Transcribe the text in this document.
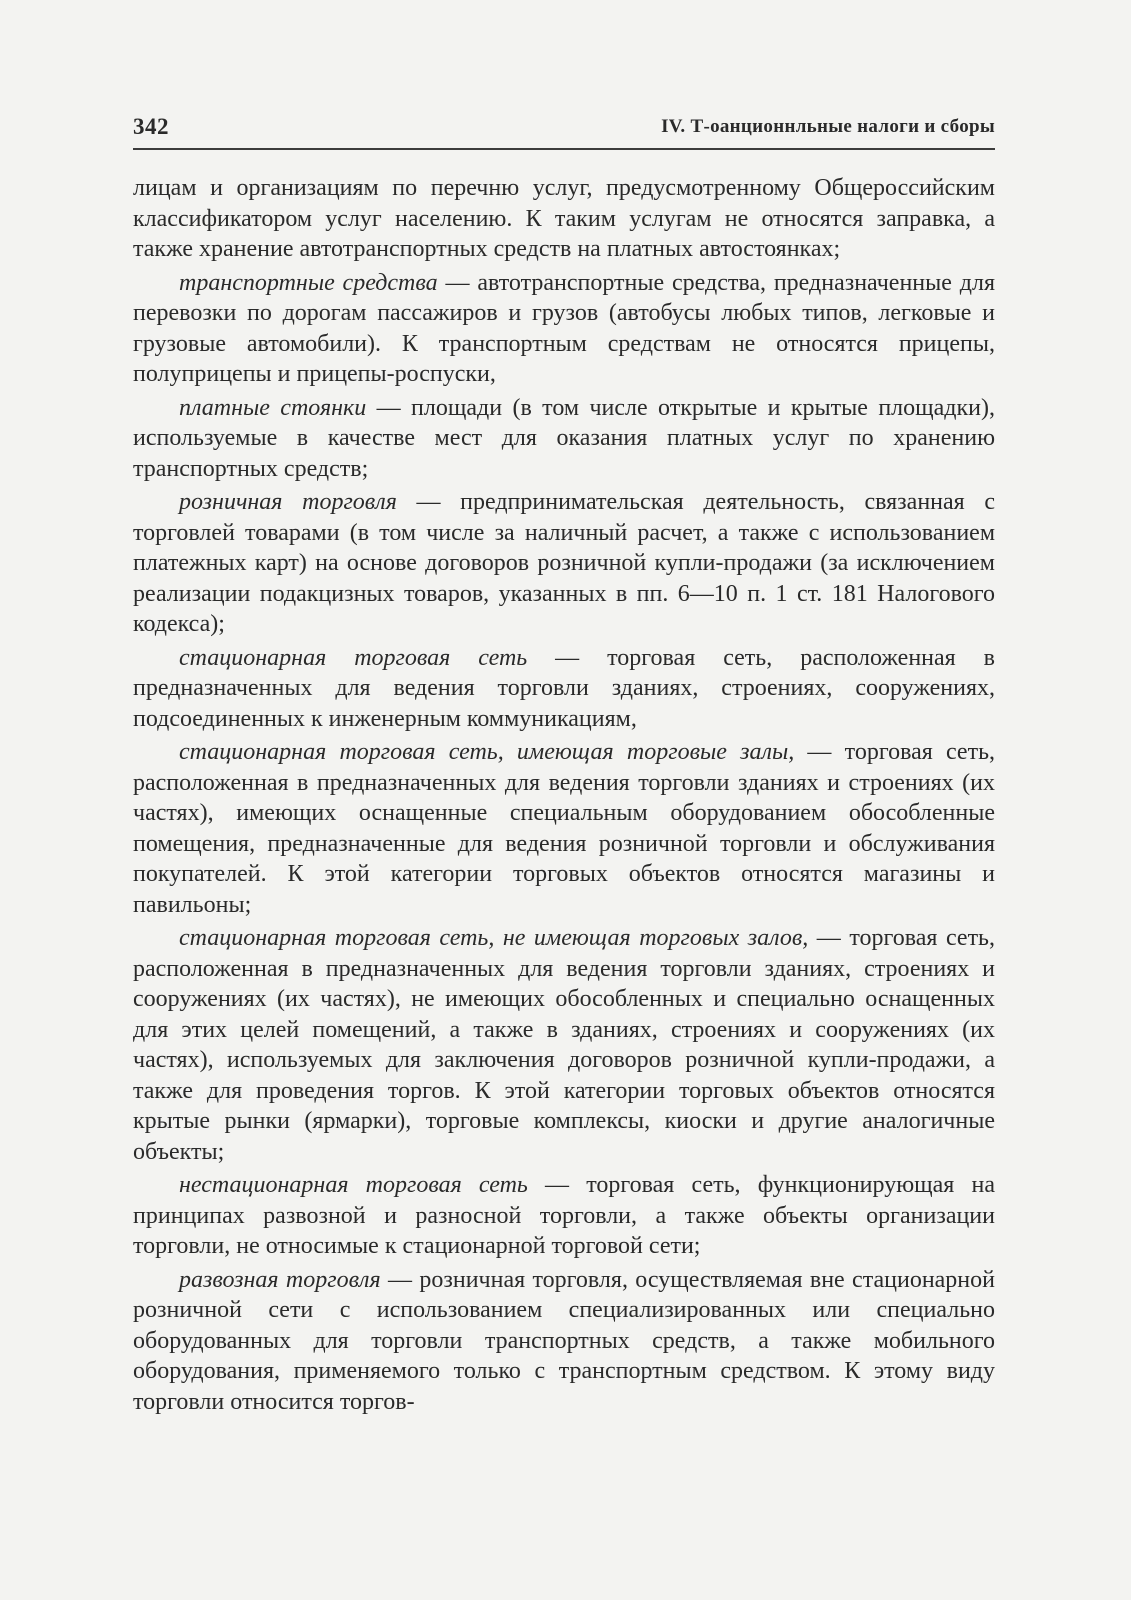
342	IV. Т-оанционнльные налоги и сборы

лицам и организациям по перечню услуг, предусмотренному Общероссийским классификатором услуг населению. К таким услугам не относятся заправка, а также хранение автотранспортных средств на платных автостоянках;

транспортные средства — автотранспортные средства, предназначенные для перевозки по дорогам пассажиров и грузов (автобусы любых типов, легковые и грузовые автомобили). К транспортным средствам не относятся прицепы, полуприцепы и прицепы-роспуски,

платные стоянки — площади (в том числе открытые и крытые площадки), используемые в качестве мест для оказания платных услуг по хранению транспортных средств;

розничная торговля — предпринимательская деятельность, связанная с торговлей товарами (в том числе за наличный расчет, а также с использованием платежных карт) на основе договоров розничной купли-продажи (за исключением реализации подакцизных товаров, указанных в пп. 6—10 п. 1 ст. 181 Налогового кодекса);

стационарная торговая сеть — торговая сеть, расположенная в предназначенных для ведения торговли зданиях, строениях, сооружениях, подсоединенных к инженерным коммуникациям,

стационарная торговая сеть, имеющая торговые залы, — торговая сеть, расположенная в предназначенных для ведения торговли зданиях и строениях (их частях), имеющих оснащенные специальным оборудованием обособленные помещения, предназначенные для ведения розничной торговли и обслуживания покупателей. К этой категории торговых объектов относятся магазины и павильоны;

стационарная торговая сеть, не имеющая торговых залов, — торговая сеть, расположенная в предназначенных для ведения торговли зданиях, строениях и сооружениях (их частях), не имеющих обособленных и специально оснащенных для этих целей помещений, а также в зданиях, строениях и сооружениях (их частях), используемых для заключения договоров розничной купли-продажи, а также для проведения торгов. К этой категории торговых объектов относятся крытые рынки (ярмарки), торговые комплексы, киоски и другие аналогичные объекты;

нестационарная торговая сеть — торговая сеть, функционирующая на принципах развозной и разносной торговли, а также объекты организации торговли, не относимые к стационарной торговой сети;

развозная торговля — розничная торговля, осуществляемая вне стационарной розничной сети с использованием специализированных или специально оборудованных для торговли транспортных средств, а также мобильного оборудования, применяемого только с транспортным средством. К этому виду торговли относится торгов-
